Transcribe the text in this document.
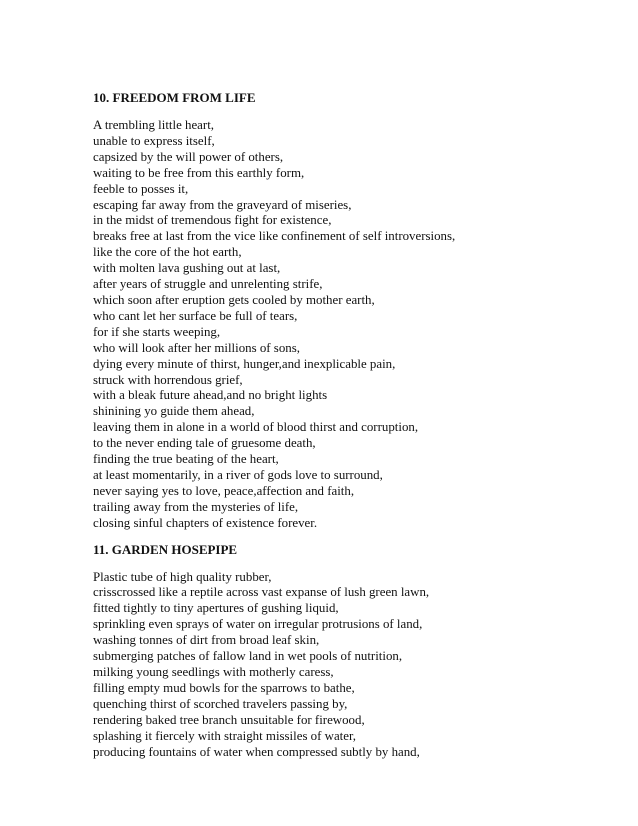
10. FREEDOM FROM LIFE
A trembling little heart,
unable to express itself,
capsized by the will power of others,
waiting to be free from this earthly form,
feeble to posses it,
escaping far away from the graveyard of miseries,
in the midst of tremendous fight for existence,
breaks free at last from the vice like confinement of self introversions,
like the core of the hot earth,
with molten lava gushing out at last,
after years of struggle and unrelenting strife,
which soon after eruption gets cooled by mother earth,
who cant let her surface be full of tears,
for if she starts weeping,
who will look after her millions of sons,
dying every minute of thirst, hunger,and inexplicable pain,
struck with horrendous grief,
with a bleak future ahead,and no bright lights
shinining yo guide them ahead,
leaving them in alone in a world of blood thirst and corruption,
to the never ending tale of gruesome death,
finding the true beating of the heart,
at least momentarily, in a river of gods love to surround,
never saying yes to love, peace,affection and faith,
trailing away from the mysteries of life,
closing sinful chapters of existence forever.
11. GARDEN HOSEPIPE
Plastic tube of high quality rubber,
crisscrossed like a reptile across vast expanse of lush green lawn,
fitted tightly to tiny apertures of gushing liquid,
sprinkling even sprays of water on irregular protrusions of land,
washing tonnes of dirt from broad leaf skin,
submerging patches of fallow land in wet pools of nutrition,
milking young seedlings with motherly caress,
filling empty mud bowls for the sparrows to bathe,
quenching thirst of scorched travelers passing by,
rendering baked tree branch unsuitable for firewood,
splashing it fiercely with straight missiles of water,
producing fountains of water when compressed subtly by hand,
